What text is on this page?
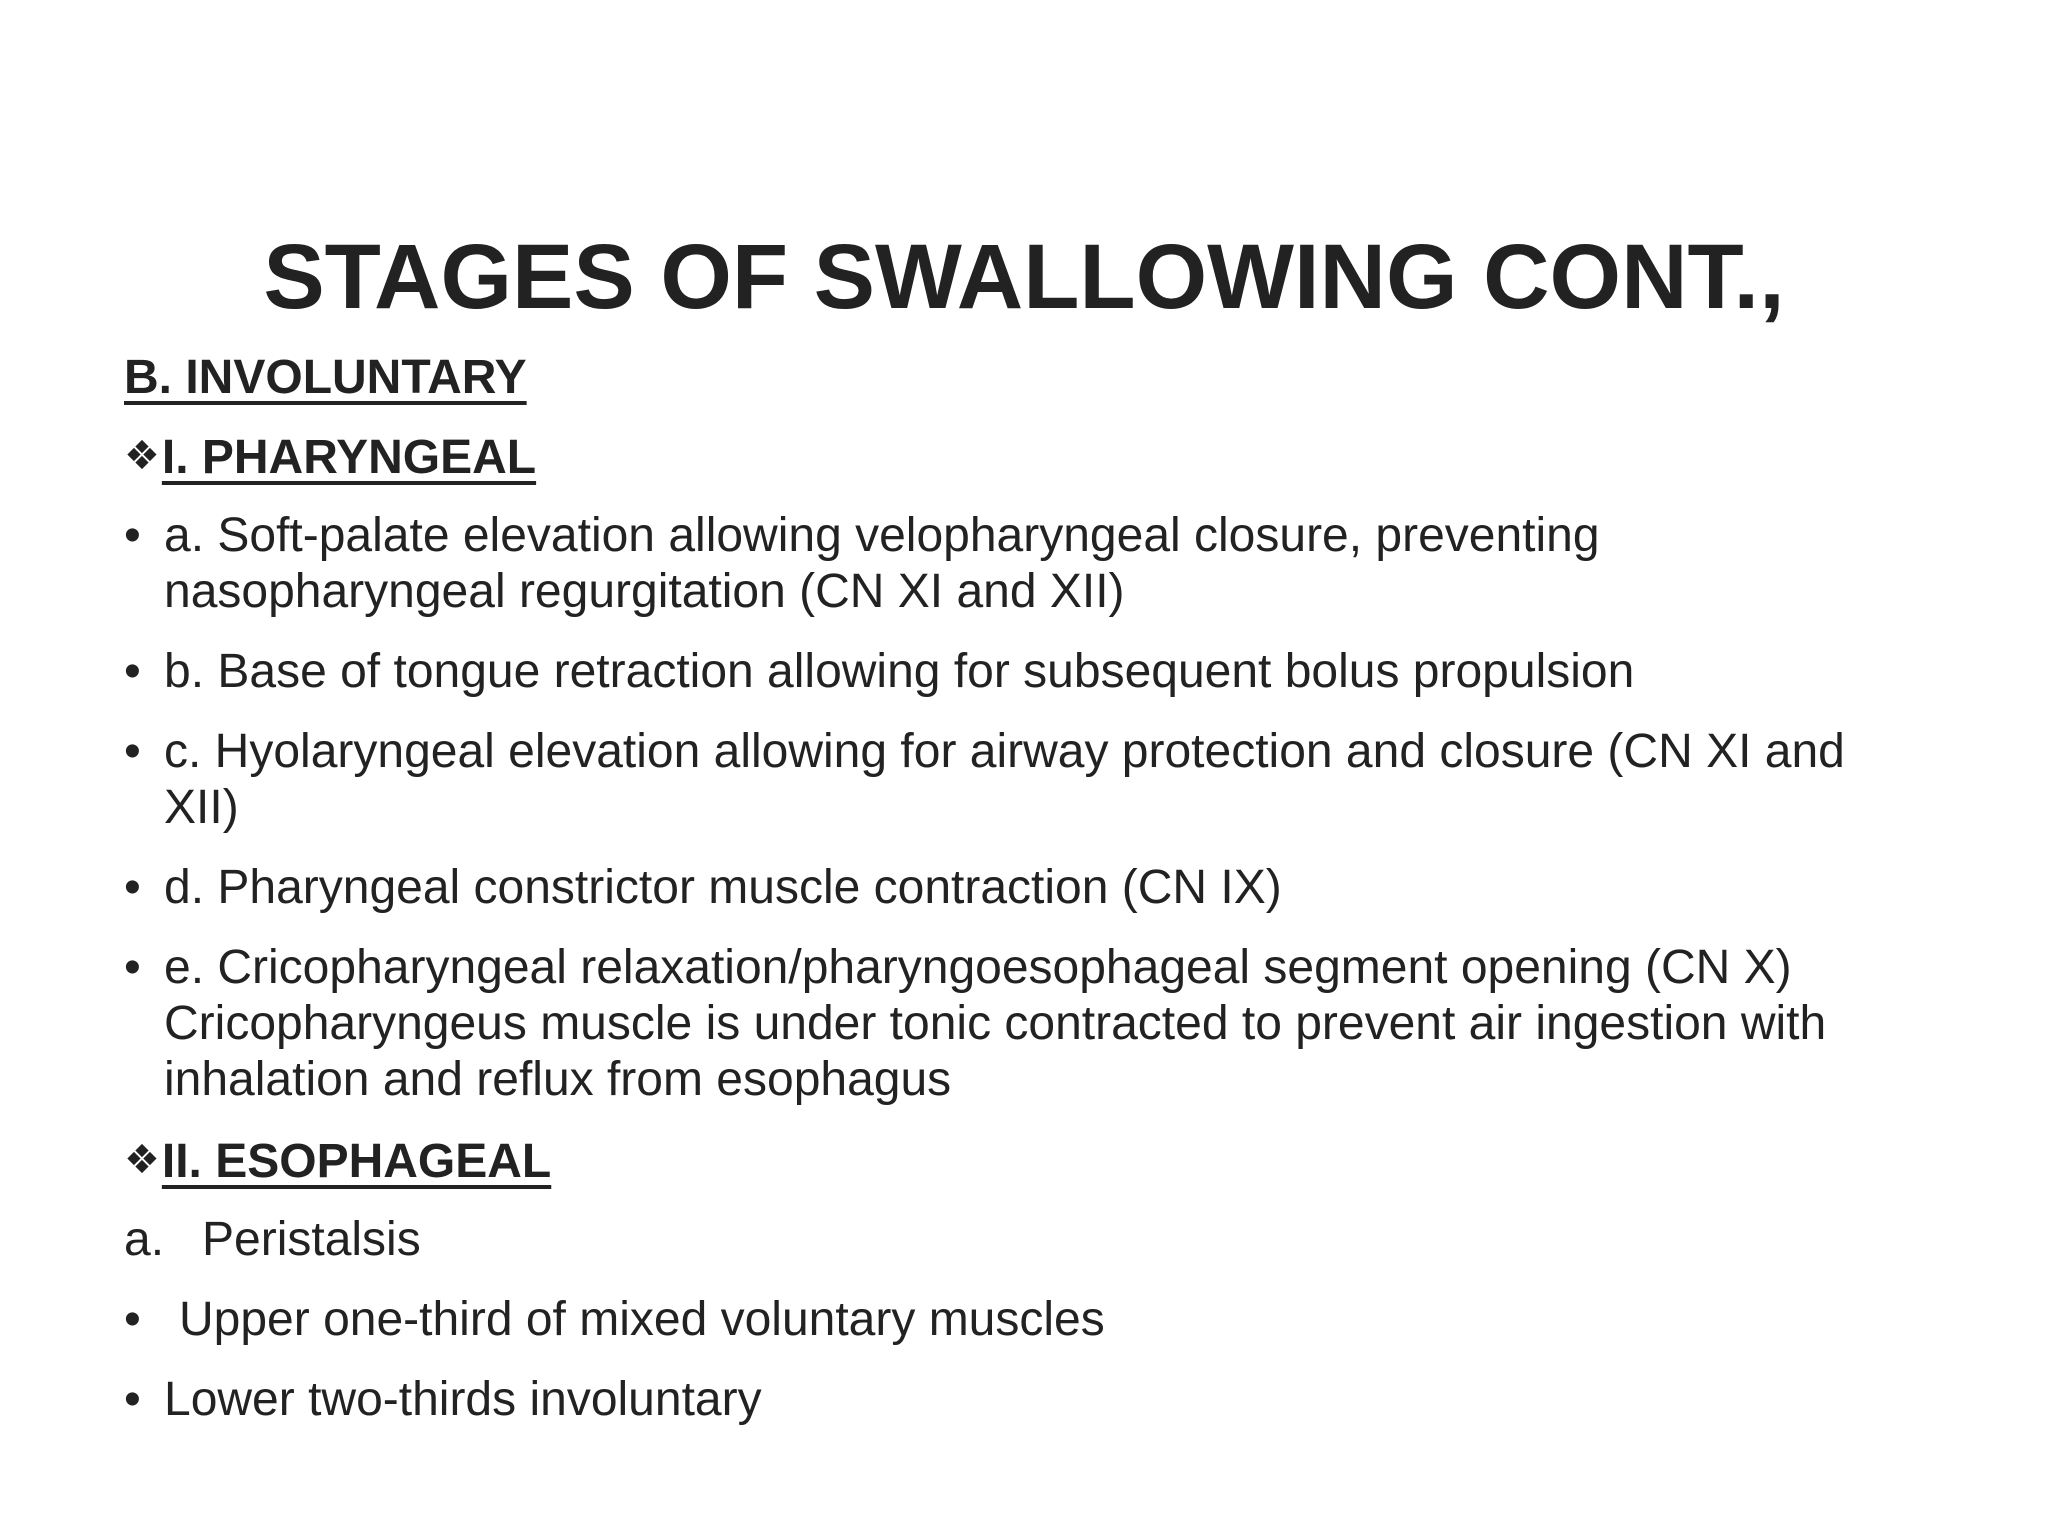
STAGES OF SWALLOWING CONT.,
B. INVOLUNTARY
❖I. PHARYNGEAL
• a. Soft-palate elevation allowing velopharyngeal closure, preventing nasopharyngeal regurgitation (CN XI and XII)
• b. Base of tongue retraction allowing for subsequent bolus propulsion
• c. Hyolaryngeal elevation allowing for airway protection and closure (CN XI and XII)
• d. Pharyngeal constrictor muscle contraction (CN IX)
• e. Cricopharyngeal relaxation/pharyngoesophageal segment opening (CN X) Cricopharyngeus muscle is under tonic contracted to prevent air ingestion with inhalation and reflux from esophagus
❖II. ESOPHAGEAL
a. Peristalsis
• Upper one-third of mixed voluntary muscles
• Lower two-thirds involuntary
